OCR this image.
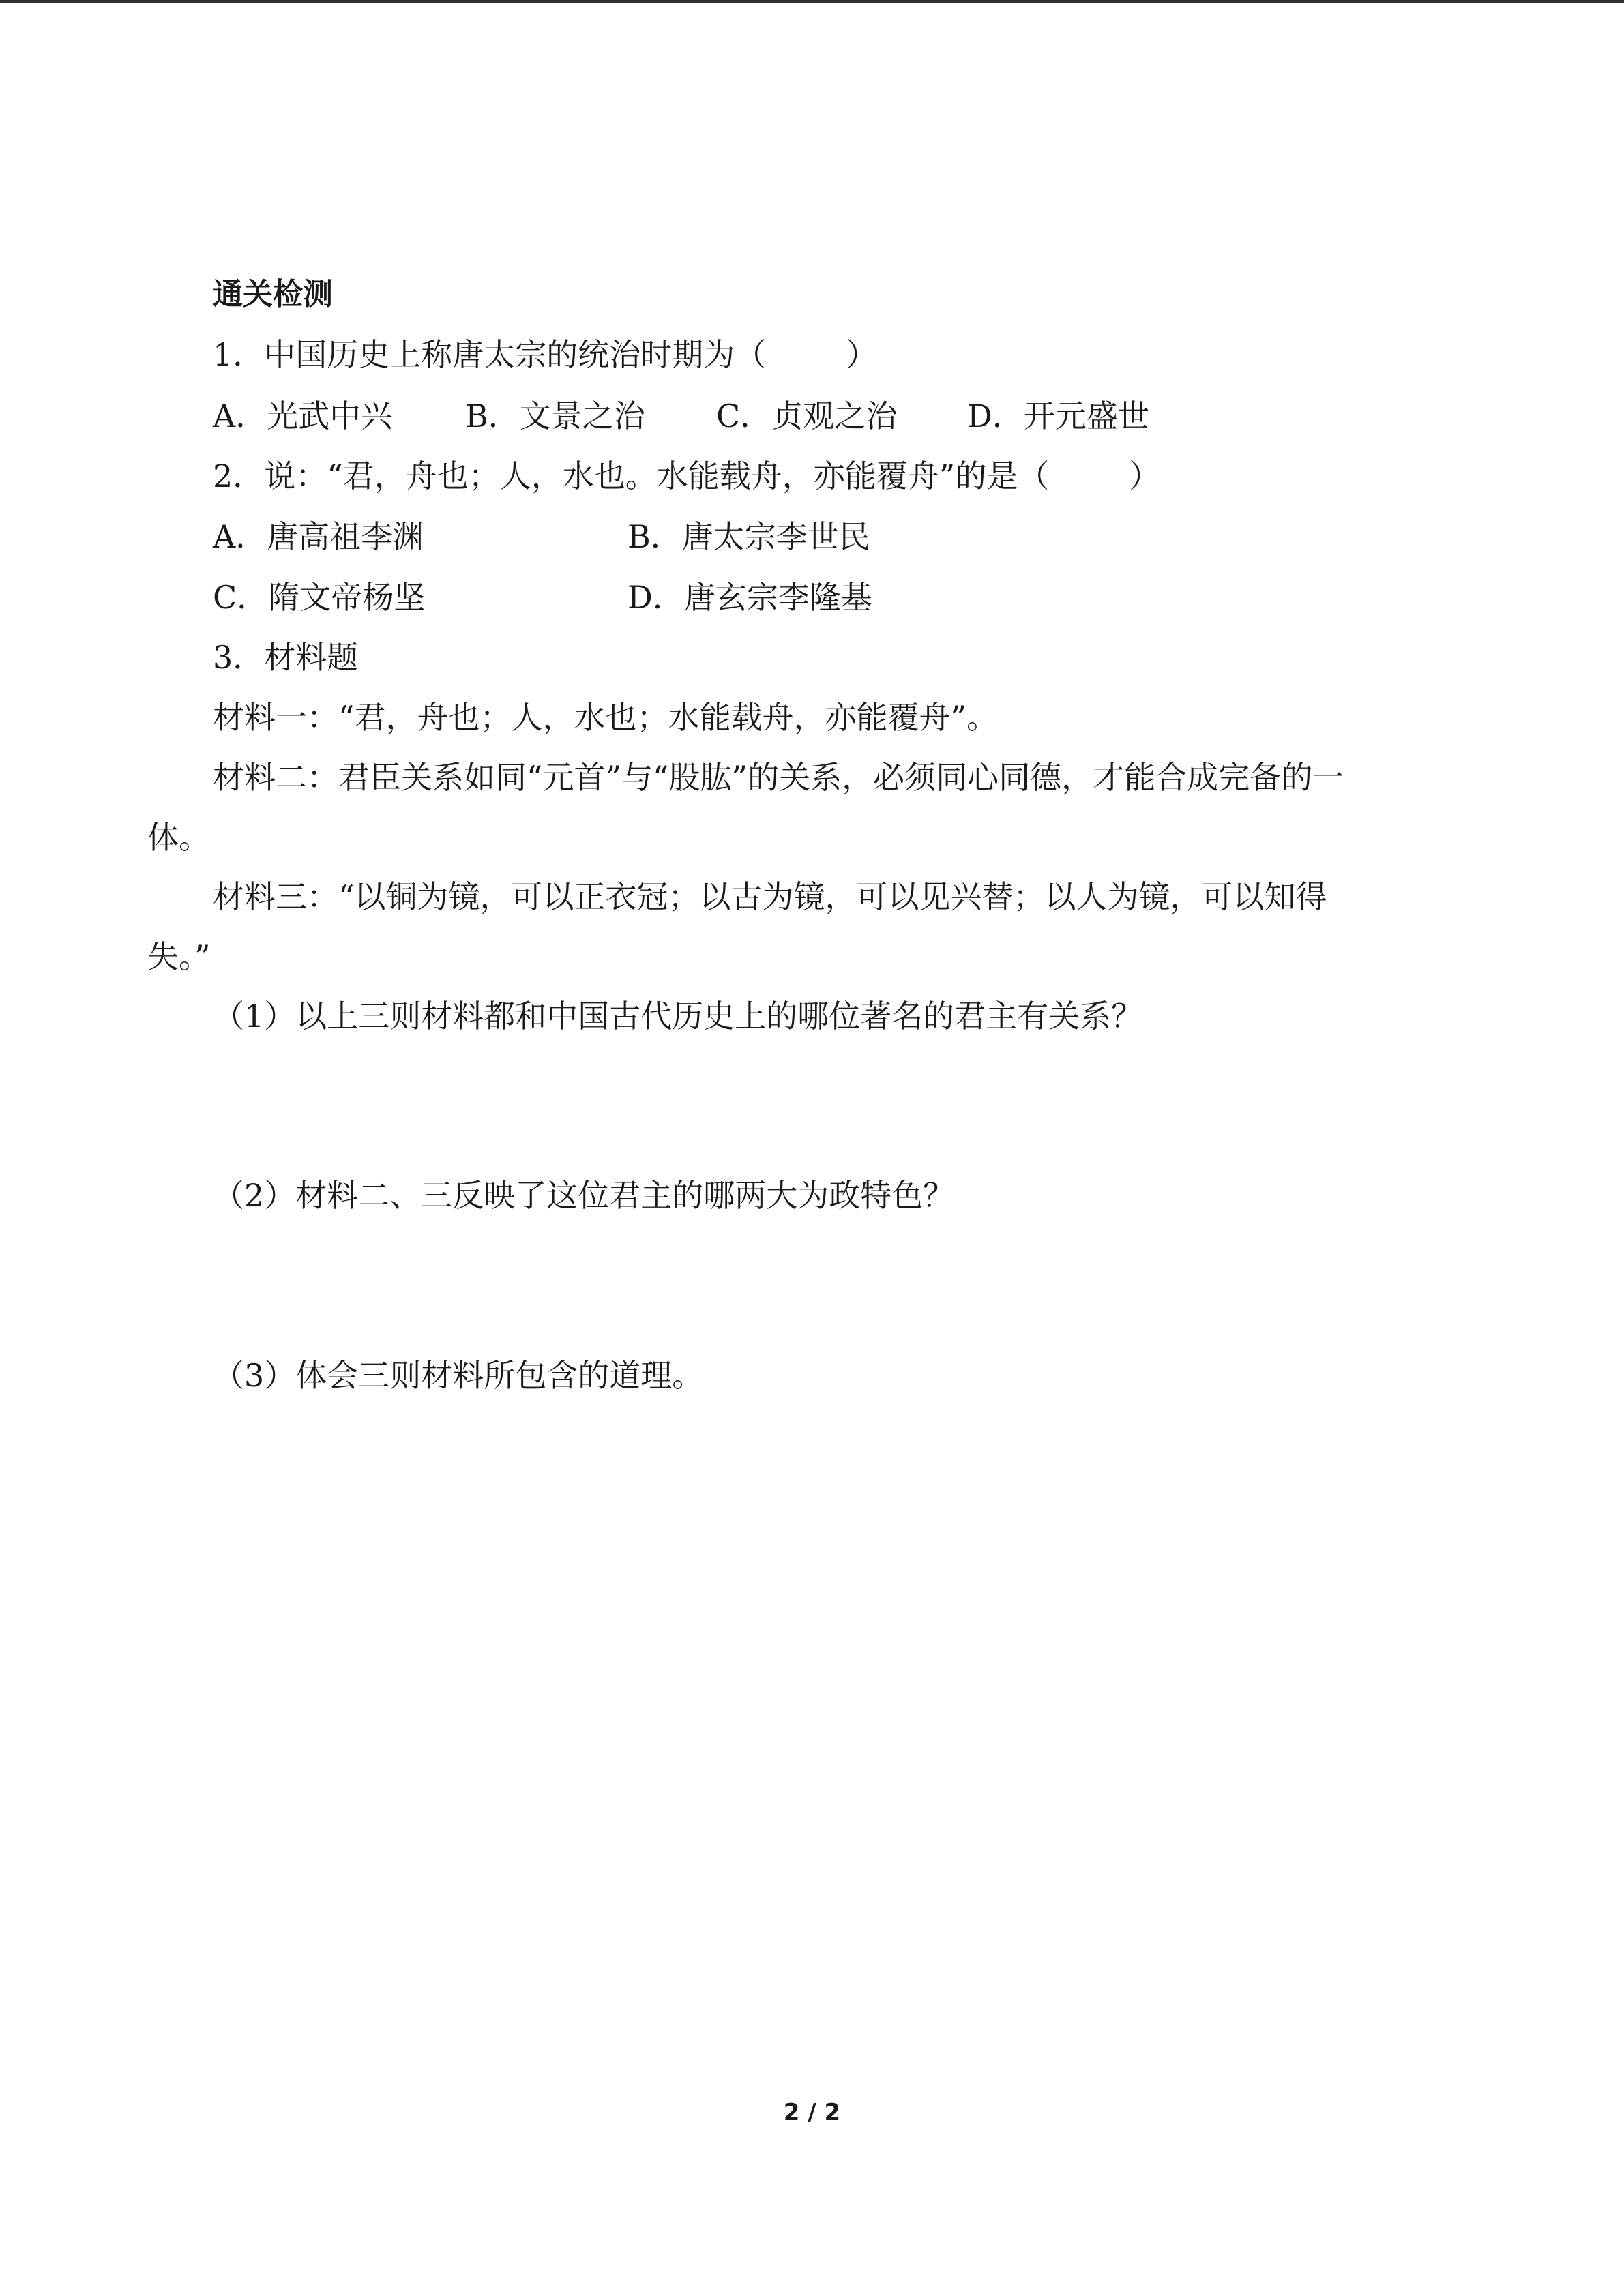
通关检测
1．中国历史上称唐太宗的统治时期为（        ）
A．光武中兴 B．文景之治 C．贞观之治 D．开元盛世
2．说：“君，舟也；人，水也。水能载舟，亦能覆舟”的是（        ）
A．唐高祖李渊	B．唐太宗李世民
C．隋文帝杨坚	D．唐玄宗李隆基
3．材料题
材料一：“君，舟也；人，水也；水能载舟，亦能覆舟”。
材料二：君臣关系如同“元首”与“股肱”的关系，必须同心同德，才能合成完备的一
体。
材料三：“以铜为镜，可以正衣冠；以古为镜，可以见兴替；以人为镜，可以知得
失。”
（1）以上三则材料都和中国古代历史上的哪位著名的君主有关系？
（2）材料二、三反映了这位君主的哪两大为政特色？
（3）体会三则材料所包含的道理。
2 / 2
